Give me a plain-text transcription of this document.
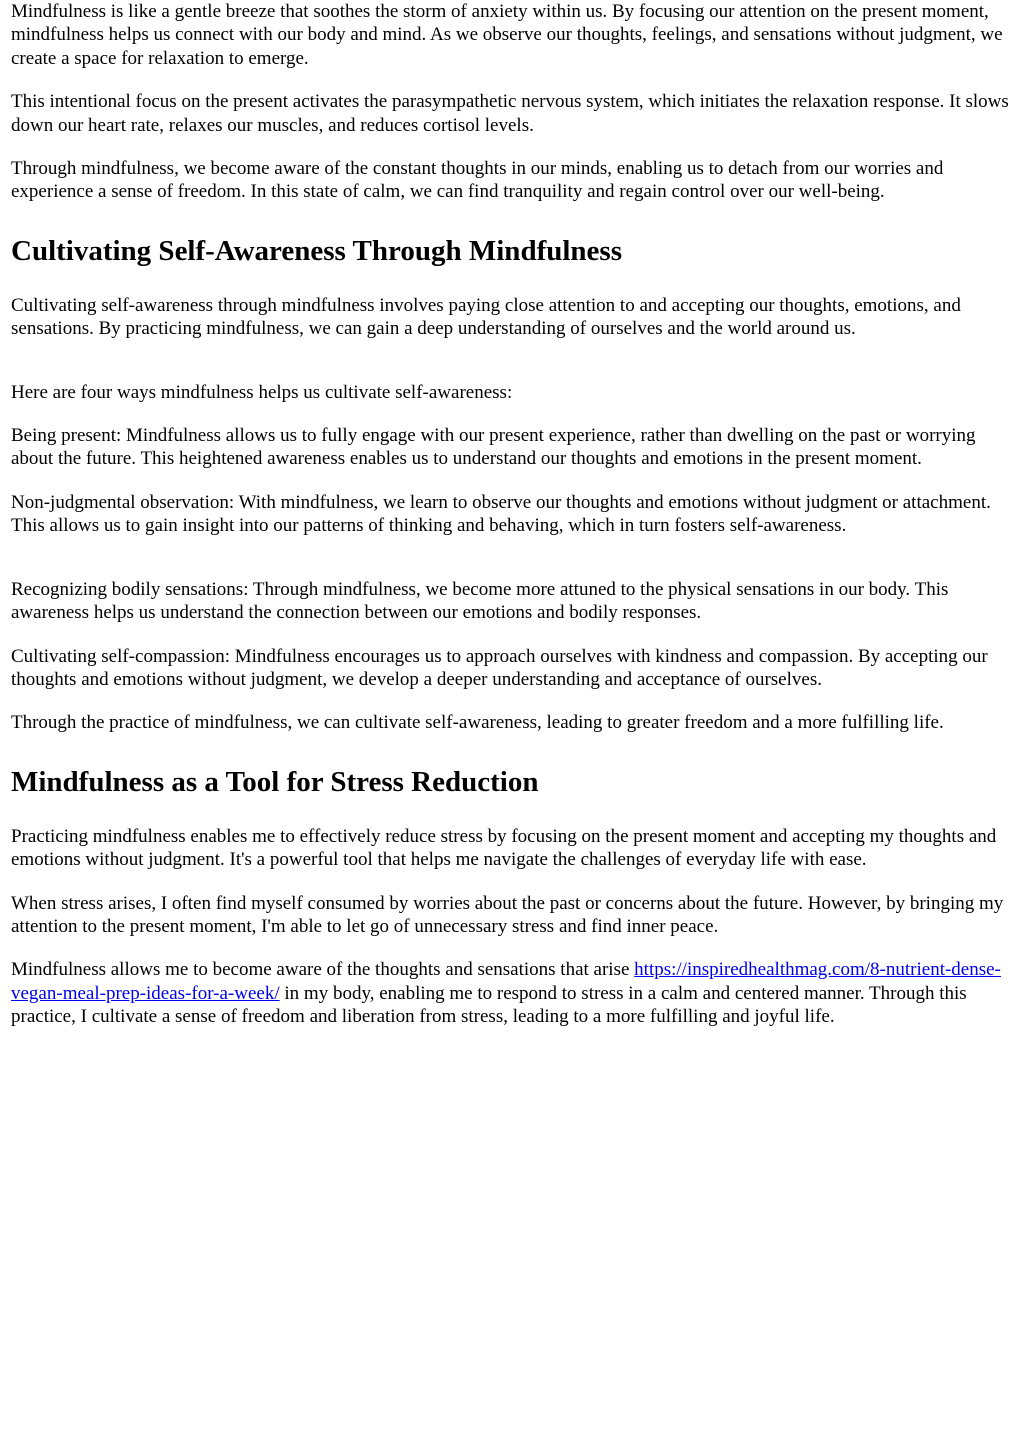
Mindfulness is like a gentle breeze that soothes the storm of anxiety within us. By focusing our attention on the present moment, mindfulness helps us connect with our body and mind. As we observe our thoughts, feelings, and sensations without judgment, we create a space for relaxation to emerge.

This intentional focus on the present activates the parasympathetic nervous system, which initiates the relaxation response. It slows down our heart rate, relaxes our muscles, and reduces cortisol levels.

Through mindfulness, we become aware of the constant thoughts in our minds, enabling us to detach from our worries and experience a sense of freedom. In this state of calm, we can find tranquility and regain control over our well-being.

Cultivating Self-Awareness Through Mindfulness

Cultivating self-awareness through mindfulness involves paying close attention to and accepting our thoughts, emotions, and sensations. By practicing mindfulness, we can gain a deep understanding of ourselves and the world around us.

Here are four ways mindfulness helps us cultivate self-awareness:

Being present: Mindfulness allows us to fully engage with our present experience, rather than dwelling on the past or worrying about the future. This heightened awareness enables us to understand our thoughts and emotions in the present moment.

Non-judgmental observation: With mindfulness, we learn to observe our thoughts and emotions without judgment or attachment. This allows us to gain insight into our patterns of thinking and behaving, which in turn fosters self-awareness.

Recognizing bodily sensations: Through mindfulness, we become more attuned to the physical sensations in our body. This awareness helps us understand the connection between our emotions and bodily responses.

Cultivating self-compassion: Mindfulness encourages us to approach ourselves with kindness and compassion. By accepting our thoughts and emotions without judgment, we develop a deeper understanding and acceptance of ourselves.

Through the practice of mindfulness, we can cultivate self-awareness, leading to greater freedom and a more fulfilling life.

Mindfulness as a Tool for Stress Reduction

Practicing mindfulness enables me to effectively reduce stress by focusing on the present moment and accepting my thoughts and emotions without judgment. It's a powerful tool that helps me navigate the challenges of everyday life with ease.

When stress arises, I often find myself consumed by worries about the past or concerns about the future. However, by bringing my attention to the present moment, I'm able to let go of unnecessary stress and find inner peace.

Mindfulness allows me to become aware of the thoughts and sensations that arise https://inspiredhealthmag.com/8-nutrient-dense-vegan-meal-prep-ideas-for-a-week/ in my body, enabling me to respond to stress in a calm and centered manner. Through this practice, I cultivate a sense of freedom and liberation from stress, leading to a more fulfilling and joyful life.
